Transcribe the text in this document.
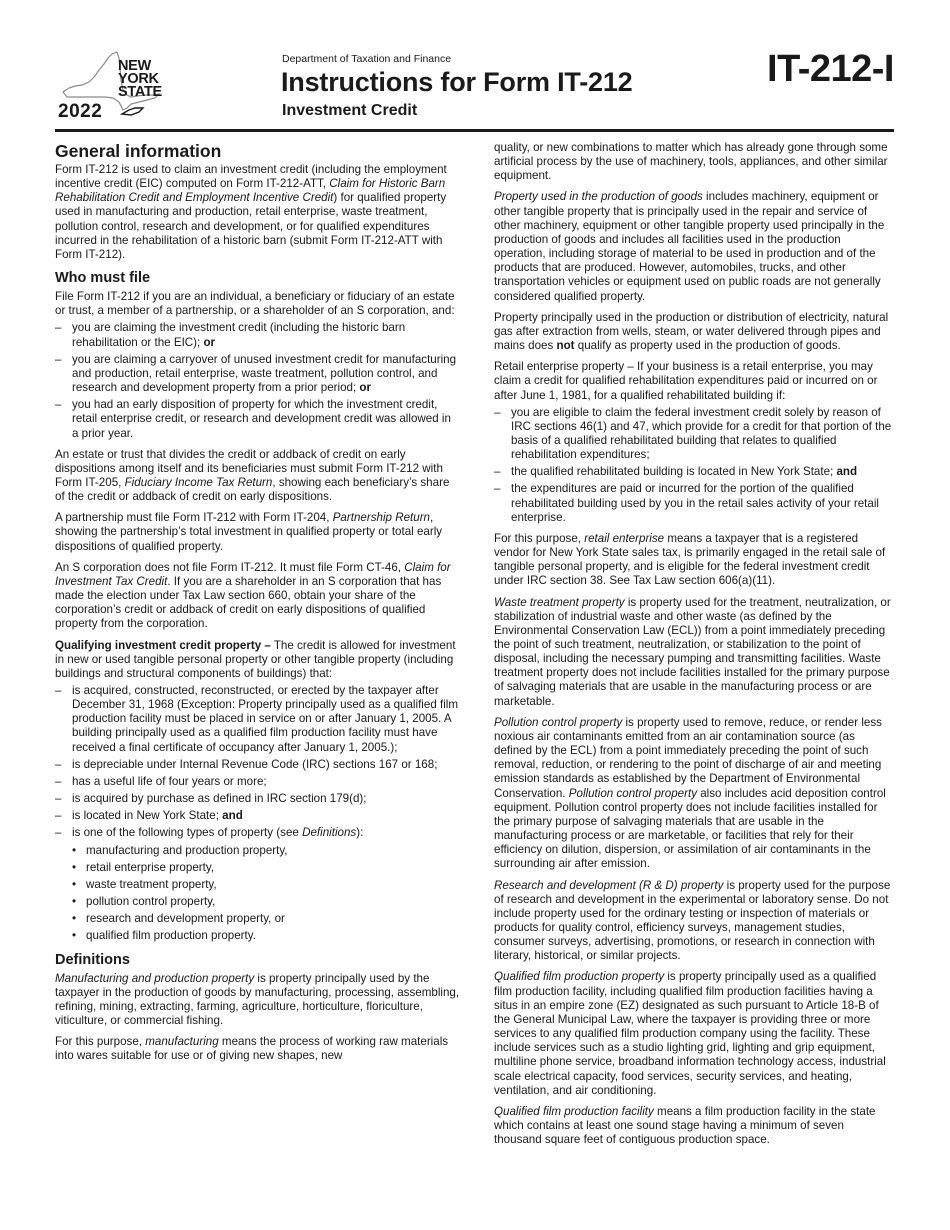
NEW
YORK
STATE
2022
Department of Taxation and Finance
Instructions for Form IT-212
Investment Credit
IT-212-I
General information

Form IT-212 is used to claim an investment credit (including the employment incentive credit (EIC) computed on Form IT-212-ATT, Claim for Historic Barn Rehabilitation Credit and Employment Incentive Credit) for qualified property used in manufacturing and production, retail enterprise, waste treatment, pollution control, research and development, or for qualified expenditures incurred in the rehabilitation of a historic barn (submit Form IT-212-ATT with Form IT-212).

Who must file

File Form IT-212 if you are an individual, a beneficiary or fiduciary of an estate or trust, a member of a partnership, or a shareholder of an S corporation, and:

– you are claiming the investment credit (including the historic barn rehabilitation or the EIC); or
– you are claiming a carryover of unused investment credit for manufacturing and production, retail enterprise, waste treatment, pollution control, and research and development property from a prior period; or
– you had an early disposition of property for which the investment credit, retail enterprise credit, or research and development credit was allowed in a prior year.

An estate or trust that divides the credit or addback of credit on early dispositions among itself and its beneficiaries must submit Form IT-212 with Form IT-205, Fiduciary Income Tax Return, showing each beneficiary’s share of the credit or addback of credit on early dispositions.

A partnership must file Form IT-212 with Form IT-204, Partnership Return, showing the partnership’s total investment in qualified property or total early dispositions of qualified property.

An S corporation does not file Form IT-212. It must file Form CT-46, Claim for Investment Tax Credit. If you are a shareholder in an S corporation that has made the election under Tax Law section 660, obtain your share of the corporation’s credit or addback of credit on early dispositions of qualified property from the corporation.

Qualifying investment credit property – The credit is allowed for investment in new or used tangible personal property or other tangible property (including buildings and structural components of buildings) that:

– is acquired, constructed, reconstructed, or erected by the taxpayer after December 31, 1968 (Exception: Property principally used as a qualified film production facility must be placed in service on or after January 1, 2005. A building principally used as a qualified film production facility must have received a final certificate of occupancy after January 1, 2005.);
– is depreciable under Internal Revenue Code (IRC) sections 167 or 168;
– has a useful life of four years or more;
– is acquired by purchase as defined in IRC section 179(d);
– is located in New York State; and
– is one of the following types of property (see Definitions):
• manufacturing and production property,
• retail enterprise property,
• waste treatment property,
• pollution control property,
• research and development property, or
• qualified film production property.
Definitions

Manufacturing and production property is property principally used by the taxpayer in the production of goods by manufacturing, processing, assembling, refining, mining, extracting, farming, agriculture, horticulture, floriculture, viticulture, or commercial fishing.

For this purpose, manufacturing means the process of working raw materials into wares suitable for use or of giving new shapes, new

quality, or new combinations to matter which has already gone through some artificial process by the use of machinery, tools, appliances, and other similar equipment.

Property used in the production of goods includes machinery, equipment or other tangible property that is principally used in the repair and service of other machinery, equipment or other tangible property used principally in the production of goods and includes all facilities used in the production operation, including storage of material to be used in production and of the products that are produced. However, automobiles, trucks, and other transportation vehicles or equipment used on public roads are not generally considered qualified property.

Property principally used in the production or distribution of electricity, natural gas after extraction from wells, steam, or water delivered through pipes and mains does not qualify as property used in the production of goods.

Retail enterprise property – If your business is a retail enterprise, you may claim a credit for qualified rehabilitation expenditures paid or incurred on or after June 1, 1981, for a qualified rehabilitated building if:

– you are eligible to claim the federal investment credit solely by reason of IRC sections 46(1) and 47, which provide for a credit for that portion of the basis of a qualified rehabilitated building that relates to qualified rehabilitation expenditures;
– the qualified rehabilitated building is located in New York State; and
– the expenditures are paid or incurred for the portion of the qualified rehabilitated building used by you in the retail sales activity of your retail enterprise.

For this purpose, retail enterprise means a taxpayer that is a registered vendor for New York State sales tax, is primarily engaged in the retail sale of tangible personal property, and is eligible for the federal investment credit under IRC section 38. See Tax Law section 606(a)(11).

Waste treatment property is property used for the treatment, neutralization, or stabilization of industrial waste and other waste (as defined by the Environmental Conservation Law (ECL)) from a point immediately preceding the point of such treatment, neutralization, or stabilization to the point of disposal, including the necessary pumping and transmitting facilities. Waste treatment property does not include facilities installed for the primary purpose of salvaging materials that are usable in the manufacturing process or are marketable.

Pollution control property is property used to remove, reduce, or render less noxious air contaminants emitted from an air contamination source (as defined by the ECL) from a point immediately preceding the point of such removal, reduction, or rendering to the point of discharge of air and meeting emission standards as established by the Department of Environmental Conservation. Pollution control property also includes acid deposition control equipment. Pollution control property does not include facilities installed for the primary purpose of salvaging materials that are usable in the manufacturing process or are marketable, or facilities that rely for their efficiency on dilution, dispersion, or assimilation of air contaminants in the surrounding air after emission.

Research and development (R & D) property is property used for the purpose of research and development in the experimental or laboratory sense. Do not include property used for the ordinary testing or inspection of materials or products for quality control, efficiency surveys, management studies, consumer surveys, advertising, promotions, or research in connection with literary, historical, or similar projects.

Qualified film production property is property principally used as a qualified film production facility, including qualified film production facilities having a situs in an empire zone (EZ) designated as such pursuant to Article 18-B of the General Municipal Law, where the taxpayer is providing three or more services to any qualified film production company using the facility. These include services such as a studio lighting grid, lighting and grip equipment, multiline phone service, broadband information technology access, industrial scale electrical capacity, food services, security services, and heating, ventilation, and air conditioning.

Qualified film production facility means a film production facility in the state which contains at least one sound stage having a minimum of seven thousand square feet of contiguous production space.
